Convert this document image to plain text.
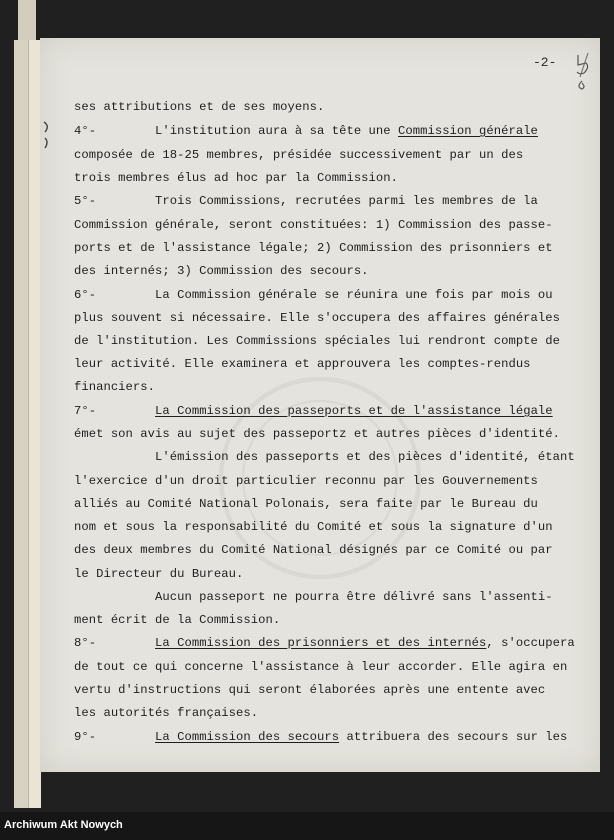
-2-
ses attributions et de ses moyens.
4°-        L'institution aura à sa tête une Commission générale
composée de 18-25 membres, présidée successivement par un des
trois membres élus ad hoc par la Commission.
5°-        Trois Commissions, recrutées parmi les membres de la
Commission générale, seront constituées: 1) Commission des passe-
ports et de l'assistance légale; 2) Commission des prisonniers et
des internés; 3) Commission des secours.
6°-        La Commission générale se réunira une fois par mois ou
plus souvent si nécessaire. Elle s'occupera des affaires générales
de l'institution. Les Commissions spéciales lui rendront compte de
leur activité. Elle examinera et approuvera les comptes-rendus
financiers.
7°-        La Commission des passeports et de l'assistance légale
émet son avis au sujet des passeportz et autres pièces d'identité.
L'émission des passeports et des pièces d'identité, étant
l'exercice d'un droit particulier reconnu par les Gouvernements
alliés au Comité National Polonais, sera faite par le Bureau du
nom et sous la responsabilité du Comité et sous la signature d'un
des deux membres du Comité National désignés par ce Comité ou par
le Directeur du Bureau.
Aucun passeport ne pourra être délivré sans l'assenti-
ment écrit de la Commission.
8°-        La Commission des prisonniers et des internés, s'occupera
de tout ce qui concerne l'assistance à leur accorder. Elle agira en
vertu d'instructions qui seront élaborées après une entente avec
les autorités françaises.
9°-        La Commission des secours attribuera des secours sur les
Archiwum Akt Nowych
